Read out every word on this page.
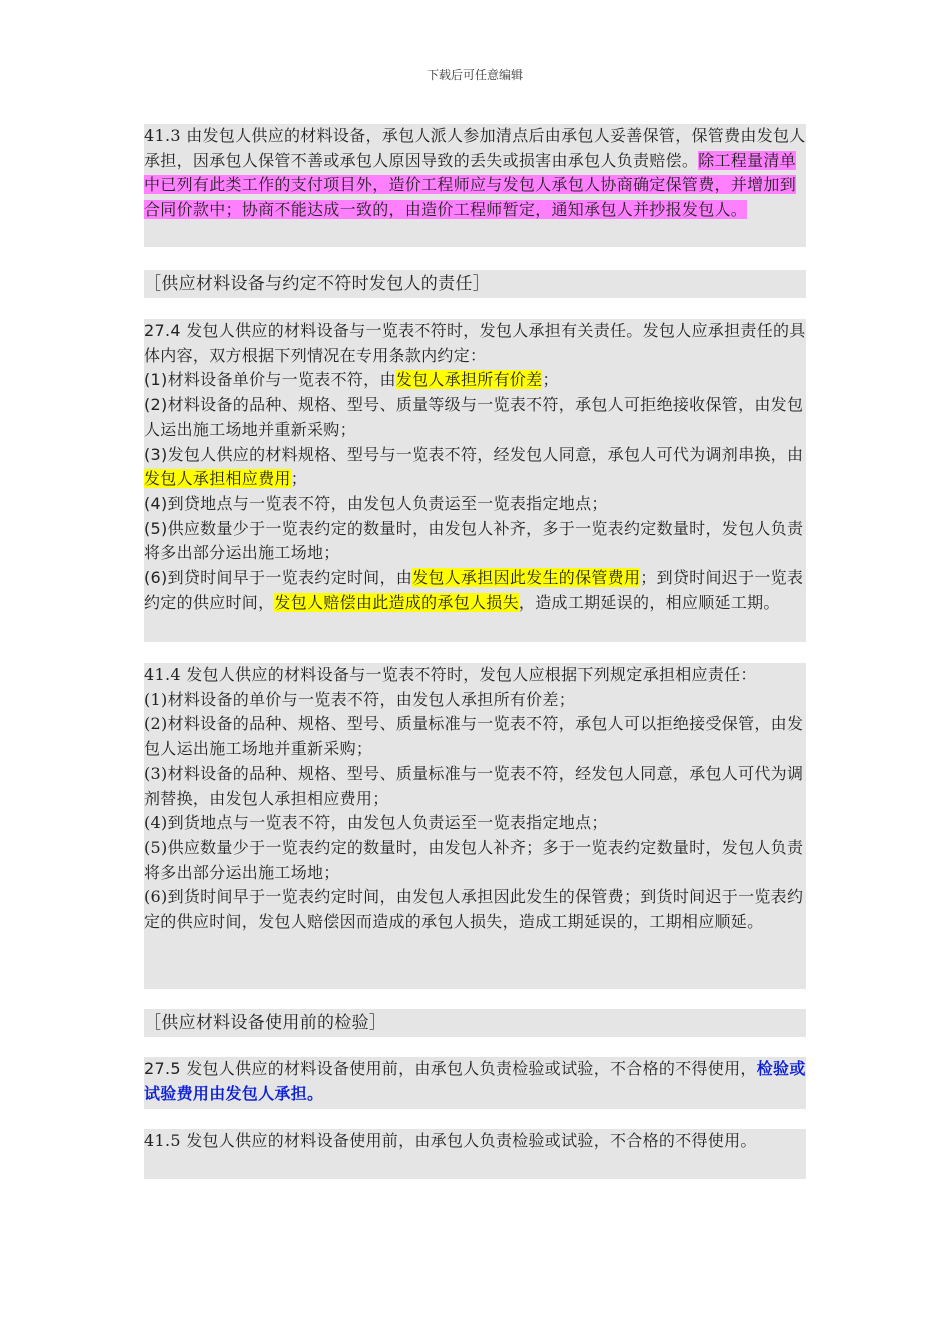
下载后可任意编辑

41.3 由发包人供应的材料设备，承包人派人参加清点后由承包人妥善保管，保管费由发包人承担，因承包人保管不善或承包人原因导致的丢失或损害由承包人负责赔偿。除工程量清单中已列有此类工作的支付项目外，造价工程师应与发包人承包人协商确定保管费，并增加到合同价款中；协商不能达成一致的，由造价工程师暂定，通知承包人并抄报发包人。

［供应材料设备与约定不符时发包人的责任］

27.4 发包人供应的材料设备与一览表不符时，发包人承担有关责任。发包人应承担责任的具体内容，双方根据下列情况在专用条款内约定：

(1)材料设备单价与一览表不符，由发包人承担所有价差；

(2)材料设备的品种、规格、型号、质量等级与一览表不符，承包人可拒绝接收保管，由发包人运出施工场地并重新采购；

(3)发包人供应的材料规格、型号与一览表不符，经发包人同意，承包人可代为调剂串换，由发包人承担相应费用；

(4)到贷地点与一览表不符，由发包人负责运至一览表指定地点；

(5)供应数量少于一览表约定的数量时，由发包人补齐，多于一览表约定数量时，发包人负责将多出部分运出施工场地；

(6)到贷时间早于一览表约定时间，由发包人承担因此发生的保管费用；到贷时间迟于一览表约定的供应时间，发包人赔偿由此造成的承包人损失，造成工期延误的，相应顺延工期。

41.4 发包人供应的材料设备与一览表不符时，发包人应根据下列规定承担相应责任：

(1)材料设备的单价与一览表不符，由发包人承担所有价差；

(2)材料设备的品种、规格、型号、质量标准与一览表不符，承包人可以拒绝接受保管，由发包人运出施工场地并重新采购；

(3)材料设备的品种、规格、型号、质量标准与一览表不符，经发包人同意，承包人可代为调剂替换，由发包人承担相应费用；

(4)到货地点与一览表不符，由发包人负责运至一览表指定地点；

(5)供应数量少于一览表约定的数量时，由发包人补齐；多于一览表约定数量时，发包人负责将多出部分运出施工场地；

(6)到货时间早于一览表约定时间，由发包人承担因此发生的保管费；到货时间迟于一览表约定的供应时间，发包人赔偿因而造成的承包人损失，造成工期延误的，工期相应顺延。

［供应材料设备使用前的检验］

27.5 发包人供应的材料设备使用前，由承包人负责检验或试验，不合格的不得使用，检验或试验费用由发包人承担。

41.5 发包人供应的材料设备使用前，由承包人负责检验或试验，不合格的不得使用。
